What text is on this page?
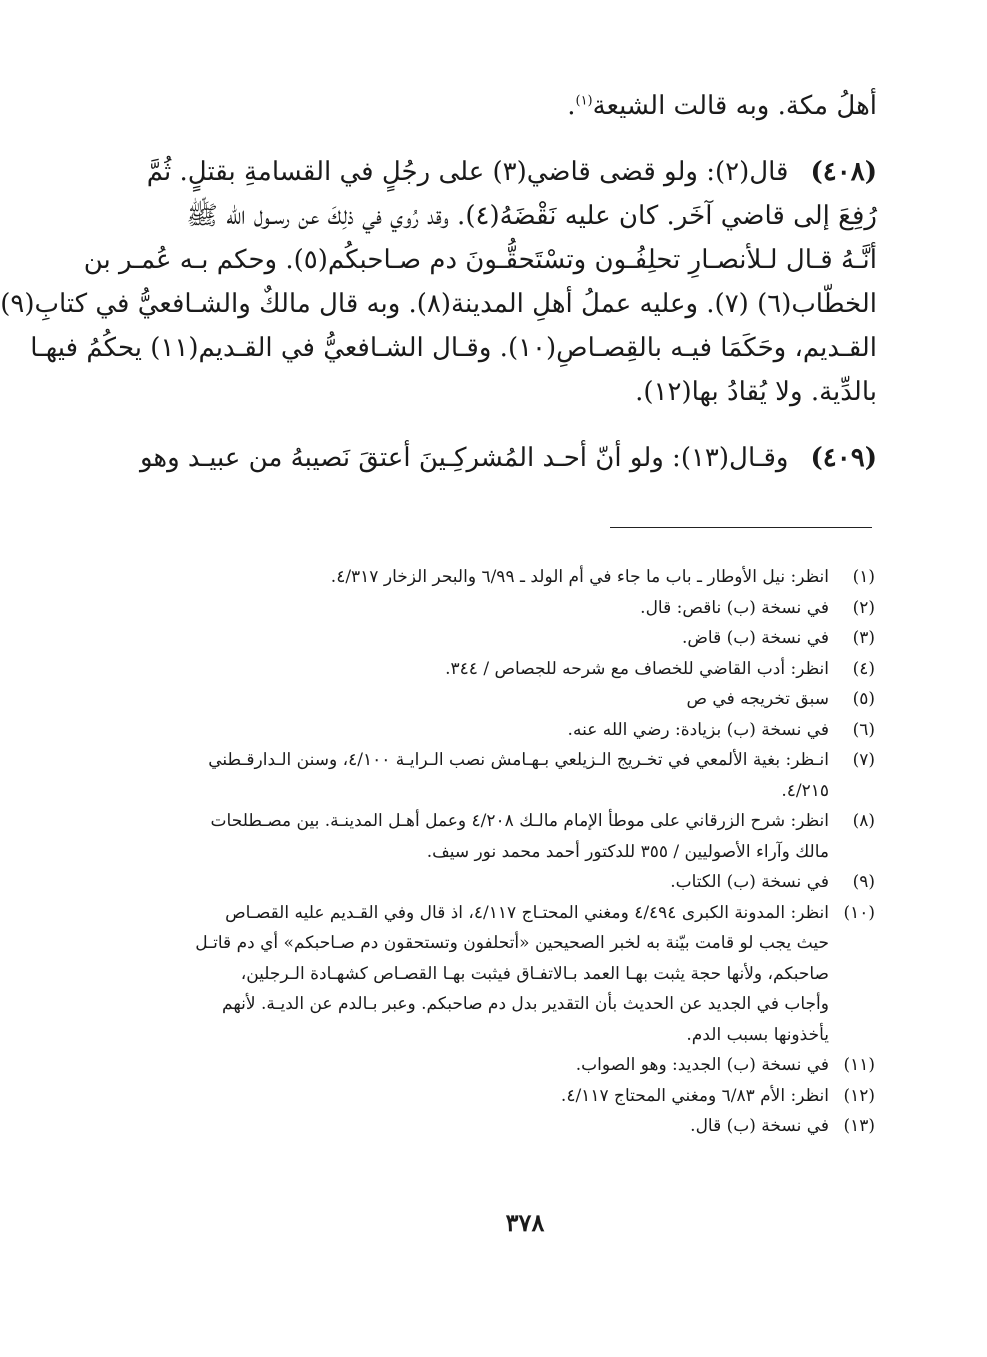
أهلُ مكة. وبه قالت الشيعة$^{(١)}$.
(٤٠٨)قال(٢): ولو قضى قاضي(٣) على رجُلٍ في القسامةِ بقتلٍ. ثُمَّ
رُفِعَ إلى قاضي آخَر. كان عليه نَقْضَهُ(٤). وقد رُوي في ذلِكَ عن رسـول الله ﷺ
أنَّـهُ قـال لـلأنصـارِ تحلِفُـون وتسْتَحقُّـونَ دم صـاحبكُم(٥). وحكم بـه عُمـر بن
الخطّاب(٦) (٧). وعليه عملُ أهلِ المدينة(٨). وبه قال مالكٌ والشـافعيُّ في كتابِ(٩)
القـديم، وحَكَمَا فيـه بالقِصـاصِ(١٠). وقـال الشـافعيُّ في القـديم(١١) يحكُمُ فيهـا
بالدِّية. ولا يُقادُ بها(١٢).
(٤٠٩)وقـال(١٣): ولو أنّ أحـد المُشركِـينَ أعتقَ نَصيبهُ من عبيـد وهو
(١)
انظر: نيل الأوطار ـ باب ما جاء في أم الولد ـ ٦/٩٩ والبحر الزخار ٤/٣١٧.
(٢)
في نسخة (ب) ناقص: قال.
(٣)
في نسخة (ب) قاض.
(٤)
انظر: أدب القاضي للخصاف مع شرحه للجصاص / ٣٤٤.
(٥)
سبق تخريجه في ص
(٦)
في نسخة (ب) بزيادة: رضي الله عنه.
(٧)
انـظر: بغية الألمعي في تخـريج الـزيلعي بـهـامش نصب الـرايـة ٤/١٠٠، وسنن الـدارقـطني
٤/٢١٥.
(٨)
انظر: شرح الزرقاني على موطأ الإمام مالـك ٤/٢٠٨ وعمل أهـل المدينـة. بين مصـطلحات
مالك وآراء الأصوليين / ٣٥٥ للدكتور أحمد محمد نور سيف.
(٩)
في نسخة (ب) الكتاب.
(١٠)
انظر: المدونة الكبرى ٤/٤٩٤ ومغني المحتـاج ٤/١١٧، اذ قال وفي القـديم عليه القصـاص
حيث يجب لو قامت بيّنة به لخبر الصحيحين «أتحلفون وتستحقون دم صـاحبكم» أي دم قاتـل
صاحبكم، ولأنها حجة يثبت بهـا العمد بـالاتفـاق فيثبت بهـا القصـاص كشهـادة الـرجلين،
وأجاب في الجديد عن الحديث بأن التقدير بدل دم صاحبكم. وعبر بـالدم عن الديـة. لأنهم
يأخذونها بسبب الدم.
(١١)
في نسخة (ب) الجديد: وهو الصواب.
(١٢)
انظر: الأم ٦/٨٣ ومغني المحتاج ٤/١١٧.
(١٣)
في نسخة (ب) قال.
٣٧٨
